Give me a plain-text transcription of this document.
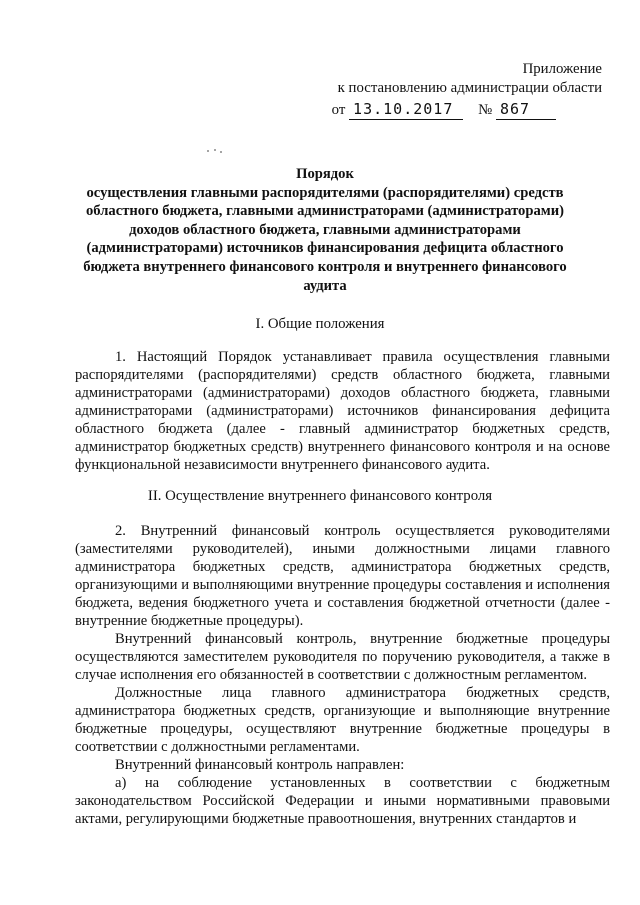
Приложение
к постановлению администрации области
от 13.10.2017 № 867
Порядок
осуществления главными распорядителями (распорядителями) средств областного бюджета, главными администраторами (администраторами) доходов областного бюджета, главными администраторами (администраторами) источников финансирования дефицита областного бюджета внутреннего финансового контроля и внутреннего финансового аудита
I. Общие положения

1. Настоящий Порядок устанавливает правила осуществления главными распорядителями (распорядителями) средств областного бюджета, главными администраторами (администраторами) доходов областного бюджета, главными администраторами (администраторами) источников финансирования дефицита областного бюджета (далее - главный администратор бюджетных средств, администратор бюджетных средств) внутреннего финансового контроля и на основе функциональной независимости внутреннего финансового аудита.

II. Осуществление внутреннего финансового контроля

2. Внутренний финансовый контроль осуществляется руководителями (заместителями руководителей), иными должностными лицами главного администратора бюджетных средств, администратора бюджетных средств, организующими и выполняющими внутренние процедуры составления и исполнения бюджета, ведения бюджетного учета и составления бюджетной отчетности (далее - внутренние бюджетные процедуры).

Внутренний финансовый контроль, внутренние бюджетные процедуры осуществляются заместителем руководителя по поручению руководителя, а также в случае исполнения его обязанностей в соответствии с должностным регламентом.

Должностные лица главного администратора бюджетных средств, администратора бюджетных средств, организующие и выполняющие внутренние бюджетные процедуры, осуществляют внутренние бюджетные процедуры в соответствии с должностными регламентами.

Внутренний финансовый контроль направлен:

а) на соблюдение установленных в соответствии с бюджетным законодательством Российской Федерации и иными нормативными правовыми актами, регулирующими бюджетные правоотношения, внутренних стандартов и
